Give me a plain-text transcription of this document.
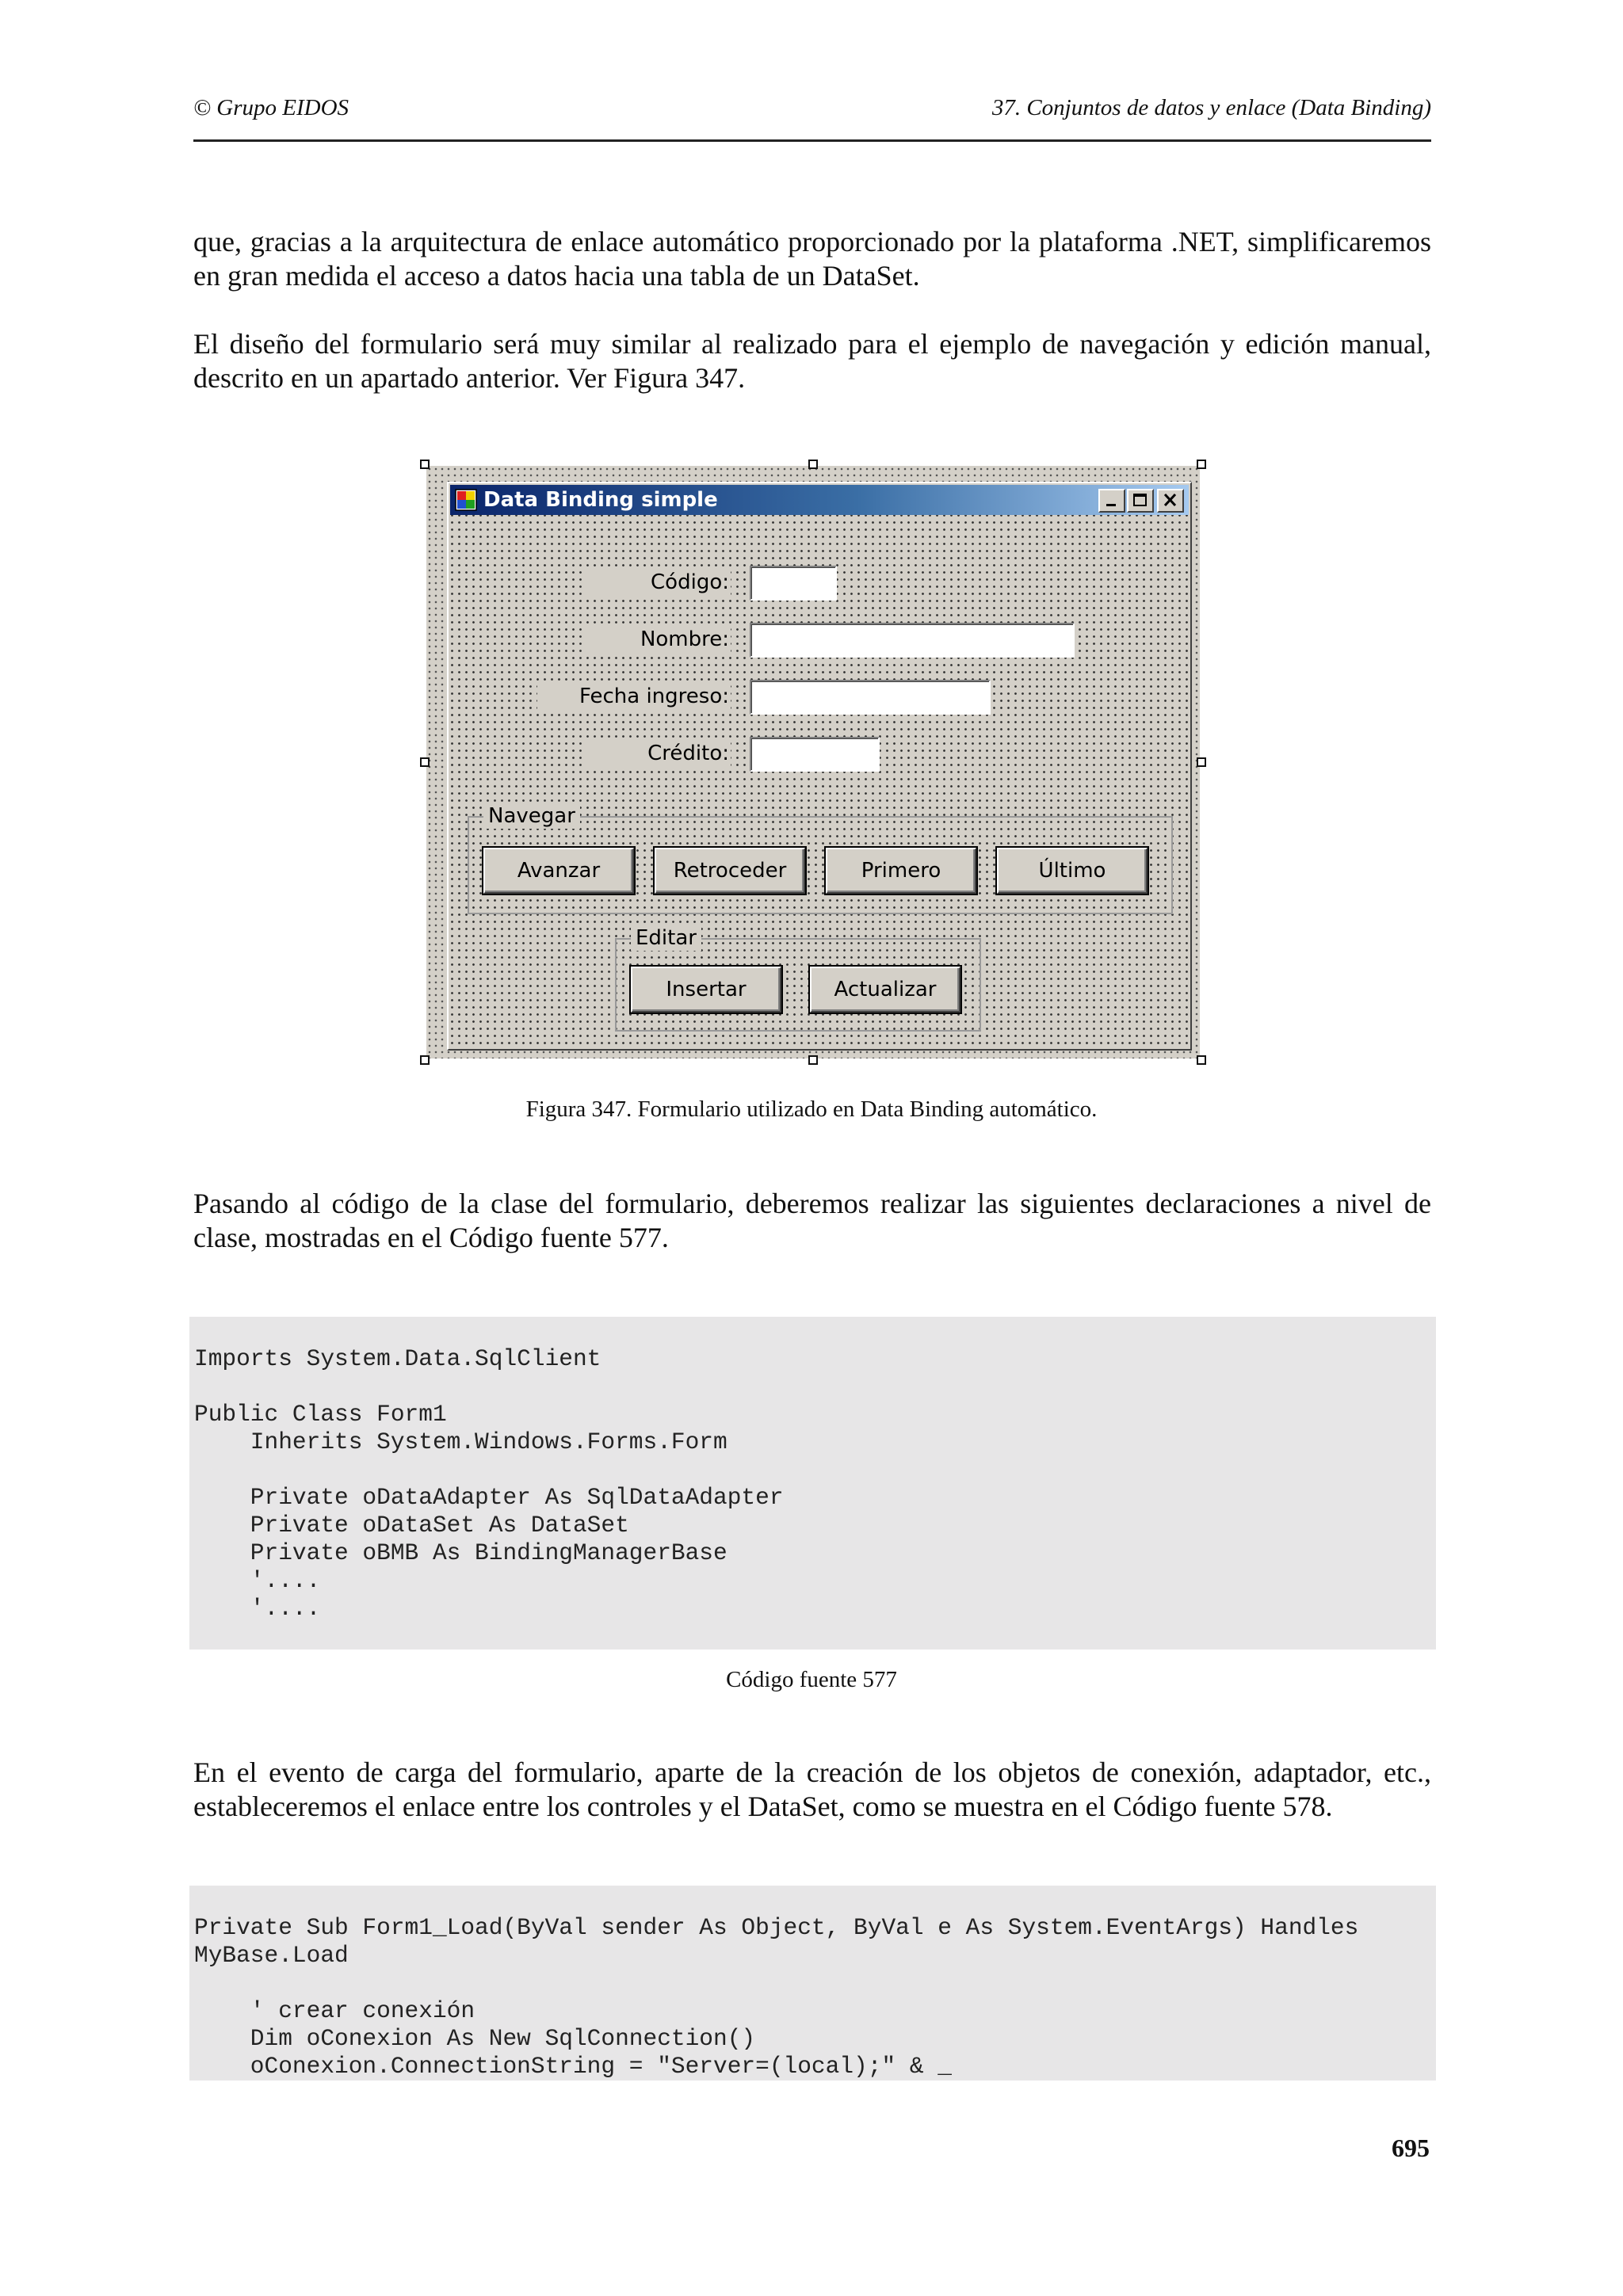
© Grupo EIDOS	37. Conjuntos de datos y enlace (Data Binding)

que, gracias a la arquitectura de enlace automático proporcionado por la plataforma .NET, simplificaremos en gran medida el acceso a datos hacia una tabla de un DataSet.

El diseño del formulario será muy similar al realizado para el ejemplo de navegación y edición manual, descrito en un apartado anterior. Ver Figura 347.

Data Binding simple
Código:
Nombre:
Fecha ingreso:
Crédito:
Navegar
Avanzar	Retroceder	Primero	Último
Editar
Insertar	Actualizar
Figura 347. Formulario utilizado en Data Binding automático.

Pasando al código de la clase del formulario, deberemos realizar las siguientes declaraciones a nivel de clase, mostradas en el Código fuente 577.

Imports System.Data.SqlClient

Public Class Form1
Inherits System.Windows.Forms.Form

Private oDataAdapter As SqlDataAdapter
Private oDataSet As DataSet
Private oBMB As BindingManagerBase
'....
'....
Código fuente 577

En el evento de carga del formulario, aparte de la creación de los objetos de conexión, adaptador, etc., estableceremos el enlace entre los controles y el DataSet, como se muestra en el Código fuente 578.

Private Sub Form1_Load(ByVal sender As Object, ByVal e As System.EventArgs) Handles
MyBase.Load

' crear conexión
Dim oConexion As New SqlConnection()
oConexion.ConnectionString = "Server=(local);" & _
695
